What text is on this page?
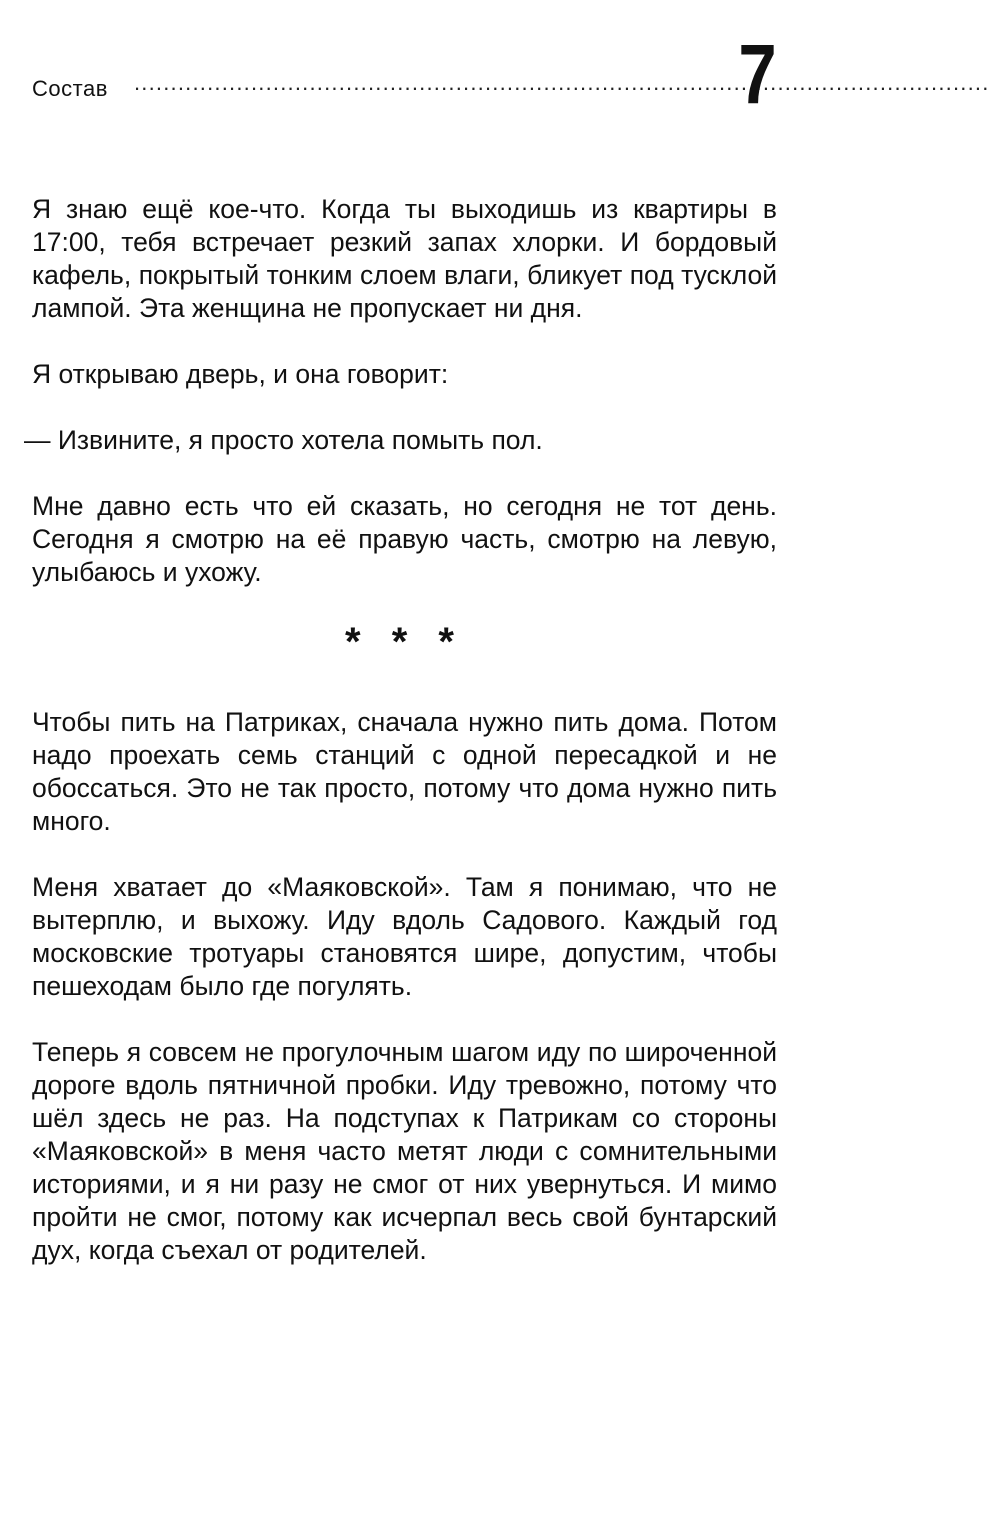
Состав .....................................................................................................................
7

Я знаю ещё кое-что. Когда ты выходишь из квартиры в 17:00, тебя встречает резкий запах хлорки. И бордовый кафель, покрытый тонким слоем влаги, бликует под тусклой лампой. Эта женщина не пропускает ни дня.

Я открываю дверь, и она говорит:

— Извините, я просто хотела помыть пол.

Мне давно есть что ей сказать, но сегодня не тот день. Сегодня я смотрю на её правую часть, смотрю на левую, улыбаюсь и ухожу.

* * *

Чтобы пить на Патриках, сначала нужно пить дома. Потом надо проехать семь станций с одной пересадкой и не обоссаться. Это не так просто, потому что дома нужно пить много.

Меня хватает до «Маяковской». Там я понимаю, что не вытерплю, и выхожу. Иду вдоль Садового. Каждый год московские тротуары становятся шире, допустим, чтобы пешеходам было где погулять.

Теперь я совсем не прогулочным шагом иду по широченной дороге вдоль пятничной пробки. Иду тревожно, потому что шёл здесь не раз. На подступах к Патрикам со стороны «Маяковской» в меня часто метят люди с сомнительными историями, и я ни разу не смог от них увернуться. И мимо пройти не смог, потому как исчерпал весь свой бунтарский дух, когда съехал от родителей.
